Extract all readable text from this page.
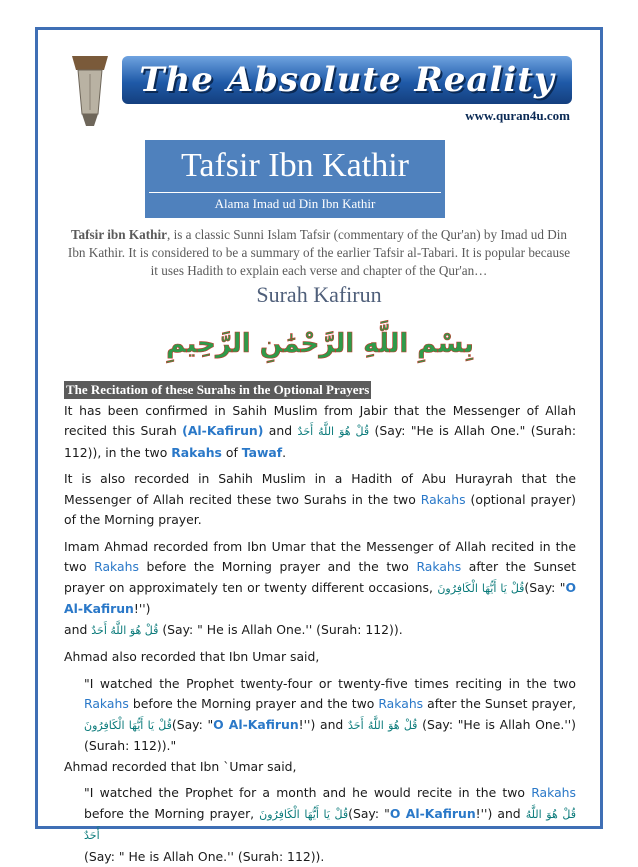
The Absolute Reality
www.quran4u.com
Tafsir Ibn Kathir
Alama Imad ud Din Ibn Kathir
Tafsir ibn Kathir, is a classic Sunni Islam Tafsir (commentary of the Qur'an) by Imad ud Din Ibn Kathir. It is considered to be a summary of the earlier Tafsir al-Tabari. It is popular because it uses Hadith to explain each verse and chapter of the Qur'an…
Surah Kafirun
بِسْمِ اللَّهِ الرَّحْمَٰنِ الرَّحِيمِ
The Recitation of these Surahs in the Optional Prayers

It has been confirmed in Sahih Muslim from Jabir that the Messenger of Allah recited this Surah (Al-Kafirun) and قُلْ هُوَ اللَّهُ أَحَدٌ (Say: "He is Allah One." (Surah: 112)), in the two Rakahs of Tawaf.

It is also recorded in Sahih Muslim in a Hadith of Abu Hurayrah that the Messenger of Allah recited these two Surahs in the two Rakahs (optional prayer) of the Morning prayer.

Imam Ahmad recorded from Ibn Umar that the Messenger of Allah recited in the two Rakahs before the Morning prayer and the two Rakahs after the Sunset prayer on approximately ten or twenty different occasions, قُلْ يَا أَيُّهَا الْكَافِرُونَ(Say: "O Al-Kafirun!'')
and قُلْ هُوَ اللَّهُ أَحَدٌ (Say: " He is Allah One.'' (Surah: 112)).

Ahmad also recorded that Ibn Umar said,

"I watched the Prophet twenty-four or twenty-five times reciting in the two Rakahs before the Morning prayer and the two Rakahs after the Sunset prayer, قُلْ يَا أَيُّهَا الْكَافِرُونَ(Say: "O Al-Kafirun!'') and قُلْ هُوَ اللَّهُ أَحَدٌ (Say: "He is Allah One.'') (Surah: 112))."

Ahmad recorded that Ibn `Umar said,

"I watched the Prophet for a month and he would recite in the two Rakahs before the Morning prayer, قُلْ يَا أَيُّهَا الْكَافِرُونَ(Say: "O Al-Kafirun!'') and قُلْ هُوَ اللَّهُ أَحَدٌ
(Say: " He is Allah One.'' (Surah: 112)).
